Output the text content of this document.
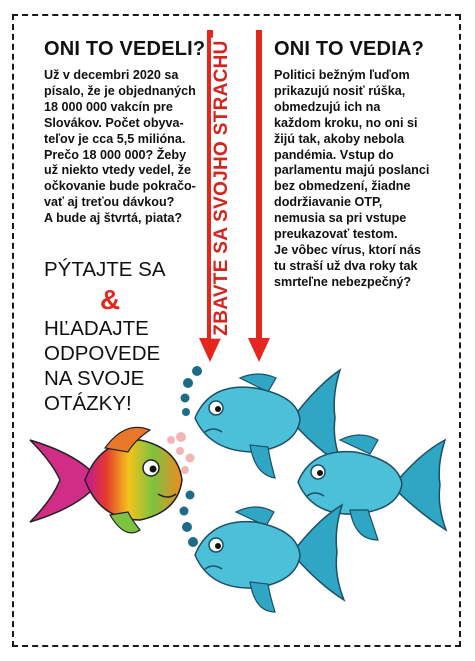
ONI TO VEDELI?
Už v decembri 2020 sa
písalo, že je objednaných
18 000 000 vakcín pre
Slovákov. Počet obyva-
teľov je cca 5,5 milióna.
Prečo 18 000 000? Žeby
už niekto vtedy vedel, že
očkovanie bude pokračo-
vať aj treťou dávkou?
A bude aj štvrtá, piata?
ONI TO VEDIA?
Politici bežným ľuďom
prikazujú nosiť rúška,
obmedzujú ich na
každom kroku, no oni si
žijú tak, akoby nebola
pandémia. Vstup do
parlamentu majú poslanci
bez obmedzení, žiadne
dodržiavanie OTP,
nemusia sa pri vstupe
preukazovať testom.
Je vôbec vírus, ktorí nás
tu straší už dva roky tak
smrteľne nebezpečný?
PÝTAJTE SA
&
HĽADAJTE
ODPOVEDE
NA SVOJE
OTÁZKY!
ZBAVTE SA SVOJHO STRACHU
